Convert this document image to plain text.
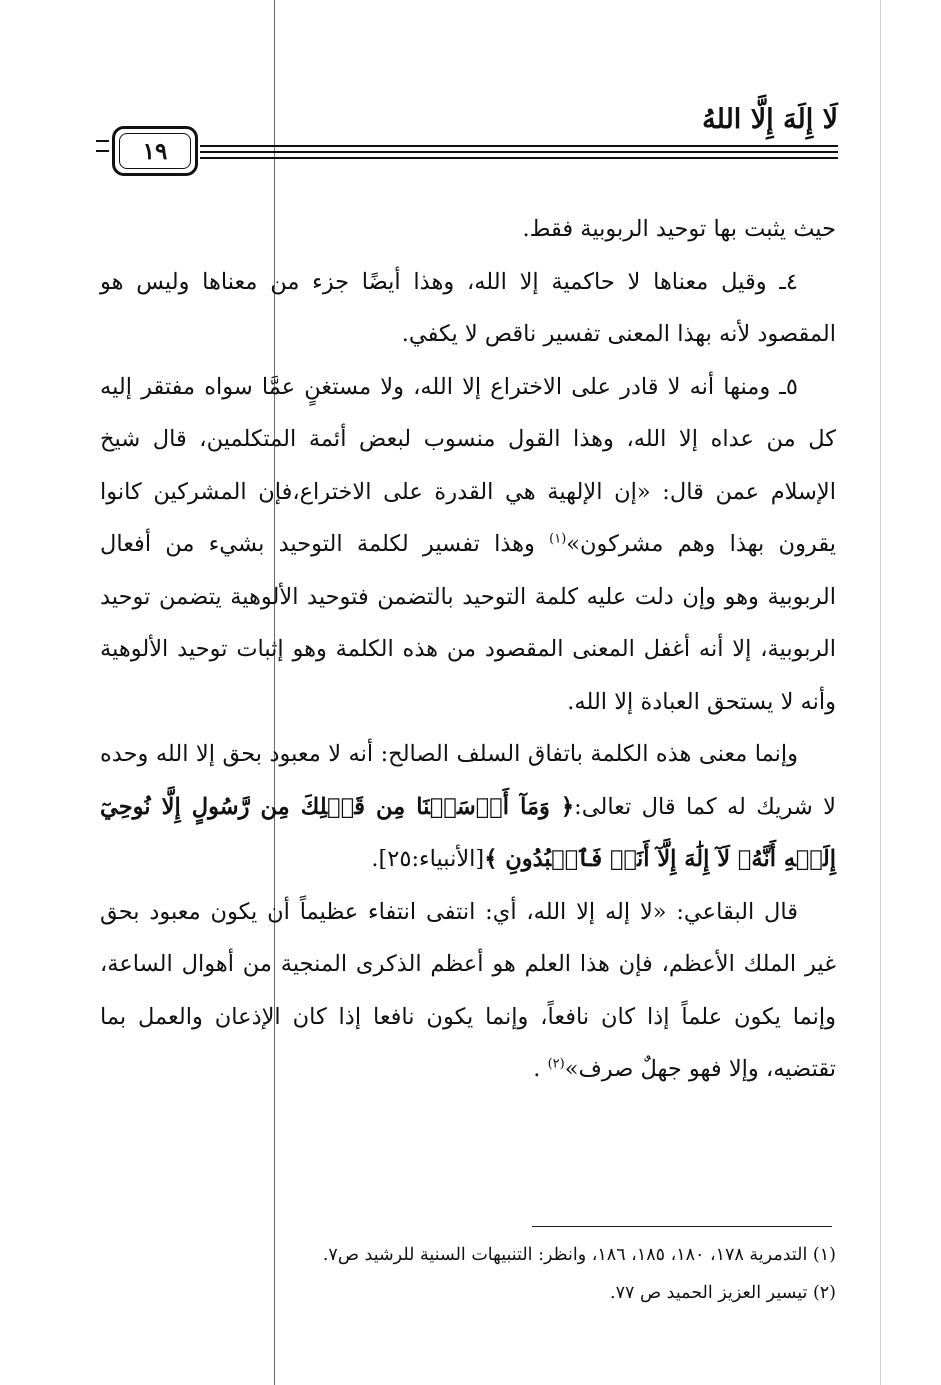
لَا إِلَهَ إِلَّا اللهُ
١٩

حيث يثبت بها توحيد الربوبية فقط.

٤ـ وقيل معناها لا حاكمية إلا الله، وهذا أيضًا جزء من معناها وليس هو المقصود لأنه بهذا المعنى تفسير ناقص لا يكفي.

٥ـ ومنها أنه لا قادر على الاختراع إلا الله، ولا مستغنٍ عمَّا سواه مفتقر إليه كل من عداه إلا الله، وهذا القول منسوب لبعض أئمة المتكلمين، قال شيخ الإسلام عمن قال: «إن الإلهية هي القدرة على الاختراع،فإن المشركين كانوا يقرون بهذا وهم مشركون»$^{(١)}$ وهذا تفسير لكلمة التوحيد بشيء من أفعال الربوبية وهو وإن دلت عليه كلمة التوحيد بالتضمن فتوحيد الألوهية يتضمن توحيد الربوبية، إلا أنه أغفل المعنى المقصود من هذه الكلمة وهو إثبات توحيد الألوهية وأنه لا يستحق العبادة إلا الله.

وإنما معنى هذه الكلمة باتفاق السلف الصالح: أنه لا معبود بحق إلا الله وحده لا شريك له كما قال تعالى:﴿ وَمَآ أَرۡسَلۡنَا مِن قَبۡلِكَ مِن رَّسُولٍ إِلَّا نُوحِيٓ إِلَيۡهِ أَنَّهُۥ لَآ إِلَٰهَ إِلَّآ أَنَا۠ فَٱعۡبُدُونِ ﴾[الأنبياء:٢٥].

قال البقاعي: «لا إله إلا الله، أي: انتفى انتفاء عظيماً أن يكون معبود بحق غير الملك الأعظم، فإن هذا العلم هو أعظم الذكرى المنجية من أهوال الساعة، وإنما يكون علماً إذا كان نافعاً، وإنما يكون نافعا إذا كان الإذعان والعمل بما تقتضيه، وإلا فهو جهلٌ صرف»$^{(٢)}$ .

(١) التدمرية ١٧٨، ١٨٠، ١٨٥، ١٨٦، وانظر: التنبيهات السنية للرشيد ص٧.
(٢) تيسير العزيز الحميد ص ٧٧.
